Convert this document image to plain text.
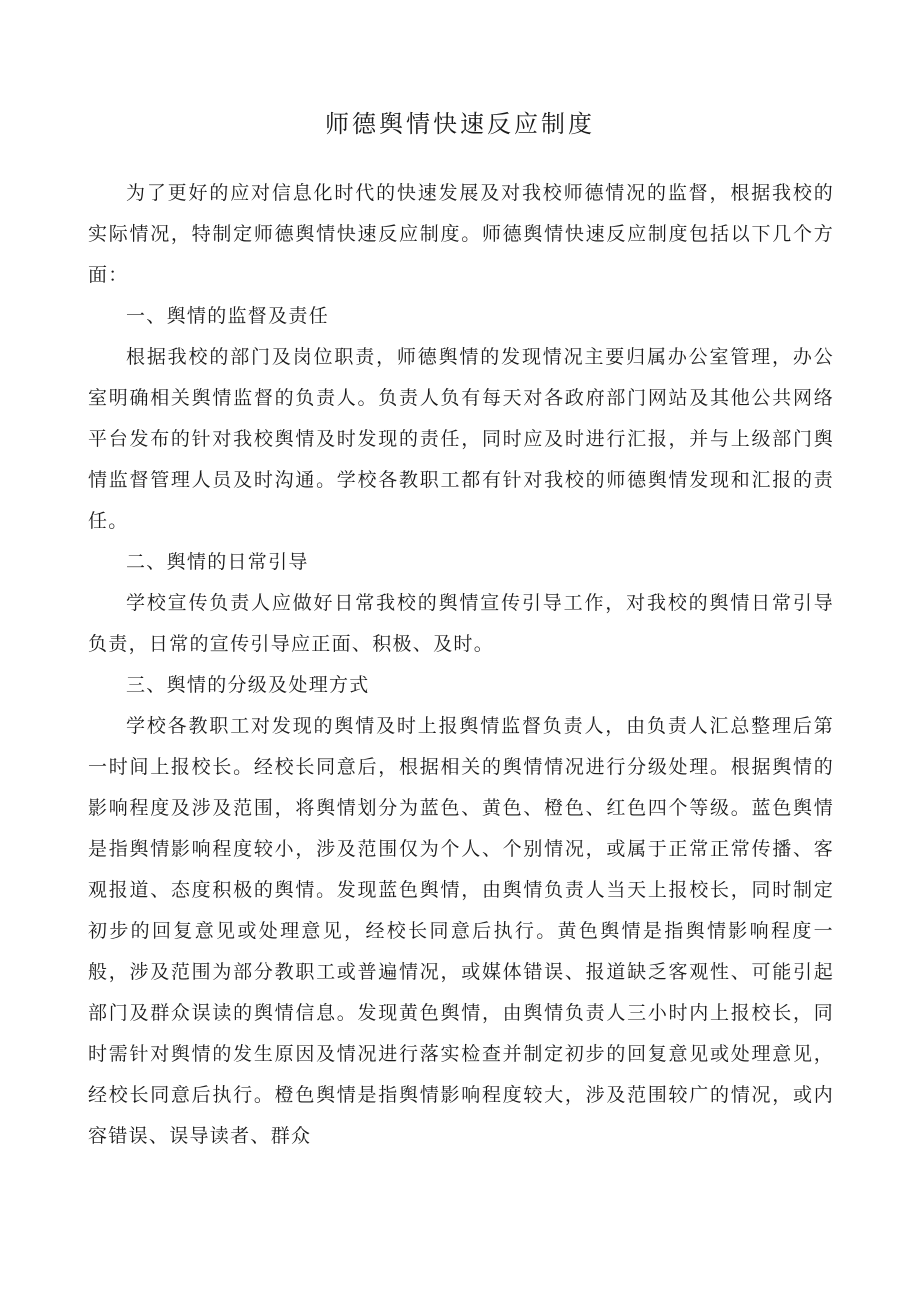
师德舆情快速反应制度

为了更好的应对信息化时代的快速发展及对我校师德情况的监督，根据我校的实际情况，特制定师德舆情快速反应制度。师德舆情快速反应制度包括以下几个方面：

一、舆情的监督及责任

根据我校的部门及岗位职责，师德舆情的发现情况主要归属办公室管理，办公室明确相关舆情监督的负责人。负责人负有每天对各政府部门网站及其他公共网络平台发布的针对我校舆情及时发现的责任，同时应及时进行汇报，并与上级部门舆情监督管理人员及时沟通。学校各教职工都有针对我校的师德舆情发现和汇报的责任。

二、舆情的日常引导

学校宣传负责人应做好日常我校的舆情宣传引导工作，对我校的舆情日常引导负责，日常的宣传引导应正面、积极、及时。

三、舆情的分级及处理方式

学校各教职工对发现的舆情及时上报舆情监督负责人，由负责人汇总整理后第一时间上报校长。经校长同意后，根据相关的舆情情况进行分级处理。根据舆情的影响程度及涉及范围，将舆情划分为蓝色、黄色、橙色、红色四个等级。蓝色舆情是指舆情影响程度较小，涉及范围仅为个人、个别情况，或属于正常正常传播、客观报道、态度积极的舆情。发现蓝色舆情，由舆情负责人当天上报校长，同时制定初步的回复意见或处理意见，经校长同意后执行。黄色舆情是指舆情影响程度一般，涉及范围为部分教职工或普遍情况，或媒体错误、报道缺乏客观性、可能引起部门及群众误读的舆情信息。发现黄色舆情，由舆情负责人三小时内上报校长，同时需针对舆情的发生原因及情况进行落实检查并制定初步的回复意见或处理意见，经校长同意后执行。橙色舆情是指舆情影响程度较大，涉及范围较广的情况，或内容错误、误导读者、群众
